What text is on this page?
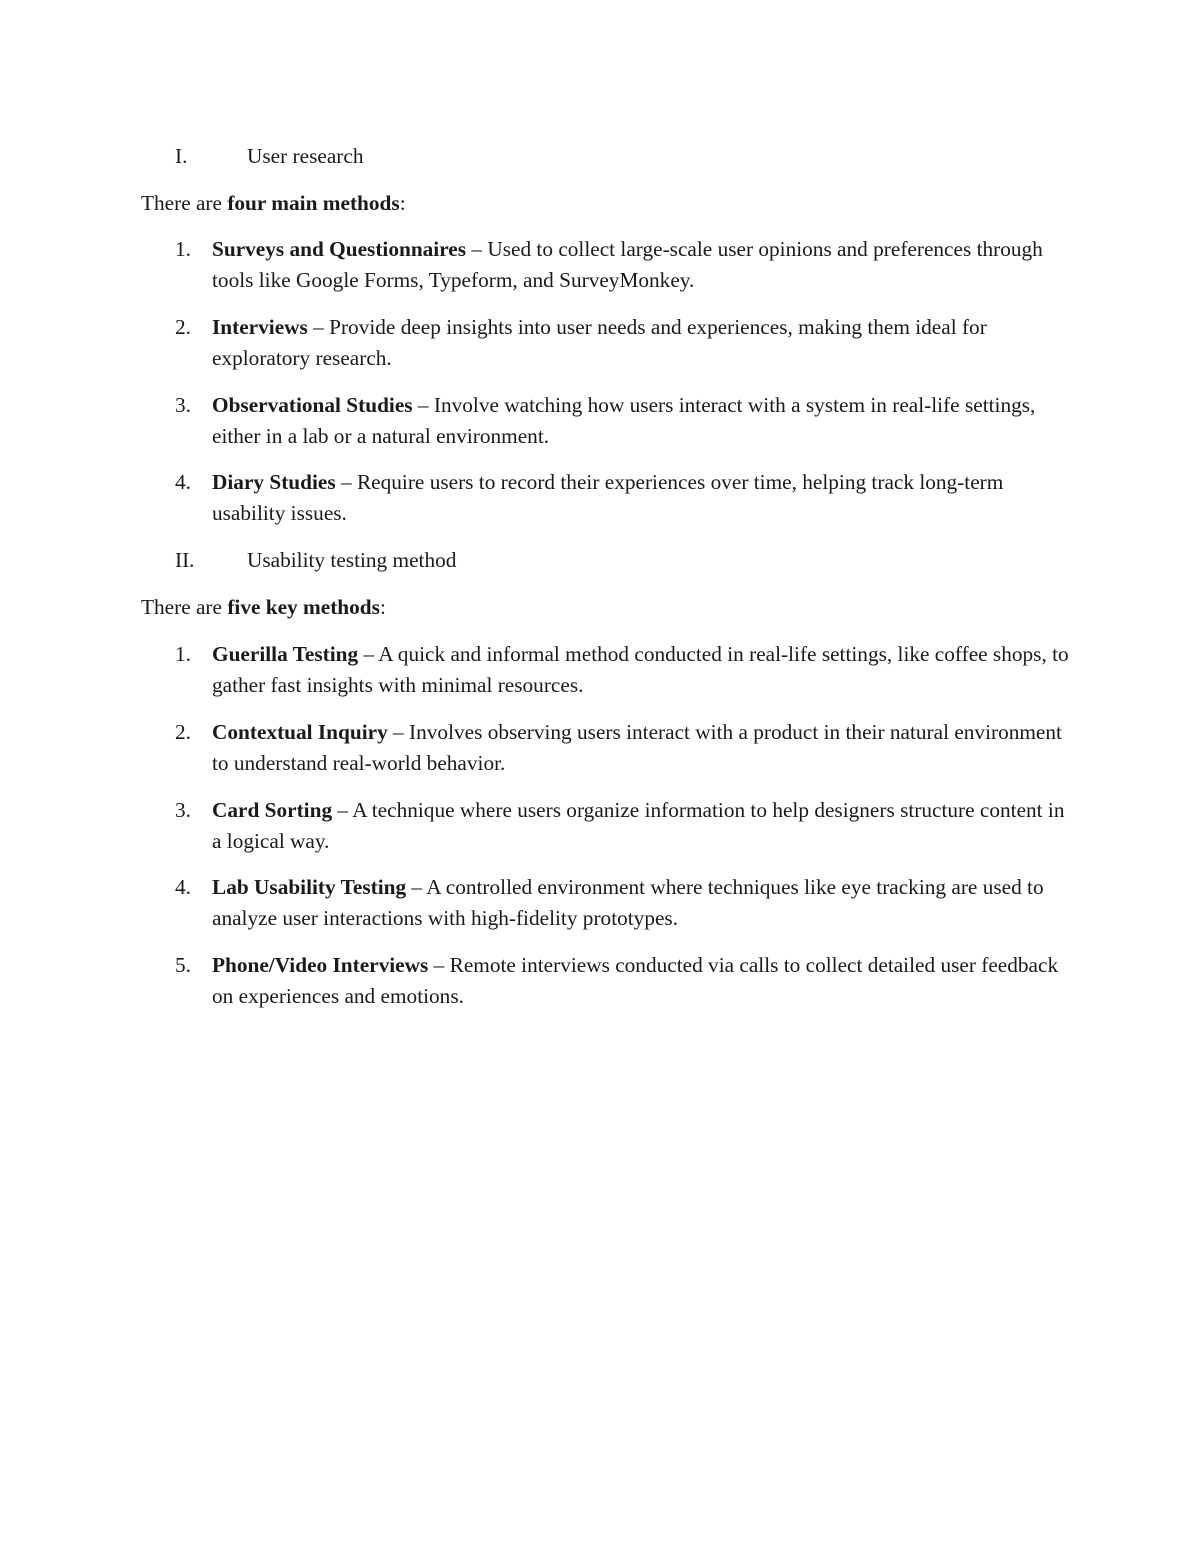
I.	User research
There are four main methods:
1. Surveys and Questionnaires – Used to collect large-scale user opinions and preferences through tools like Google Forms, Typeform, and SurveyMonkey.
2. Interviews – Provide deep insights into user needs and experiences, making them ideal for exploratory research.
3. Observational Studies – Involve watching how users interact with a system in real-life settings, either in a lab or a natural environment.
4. Diary Studies – Require users to record their experiences over time, helping track long-term usability issues.
II. Usability testing method
There are five key methods:
1. Guerilla Testing – A quick and informal method conducted in real-life settings, like coffee shops, to gather fast insights with minimal resources.
2. Contextual Inquiry – Involves observing users interact with a product in their natural environment to understand real-world behavior.
3. Card Sorting – A technique where users organize information to help designers structure content in a logical way.
4. Lab Usability Testing – A controlled environment where techniques like eye tracking are used to analyze user interactions with high-fidelity prototypes.
5. Phone/Video Interviews – Remote interviews conducted via calls to collect detailed user feedback on experiences and emotions.
